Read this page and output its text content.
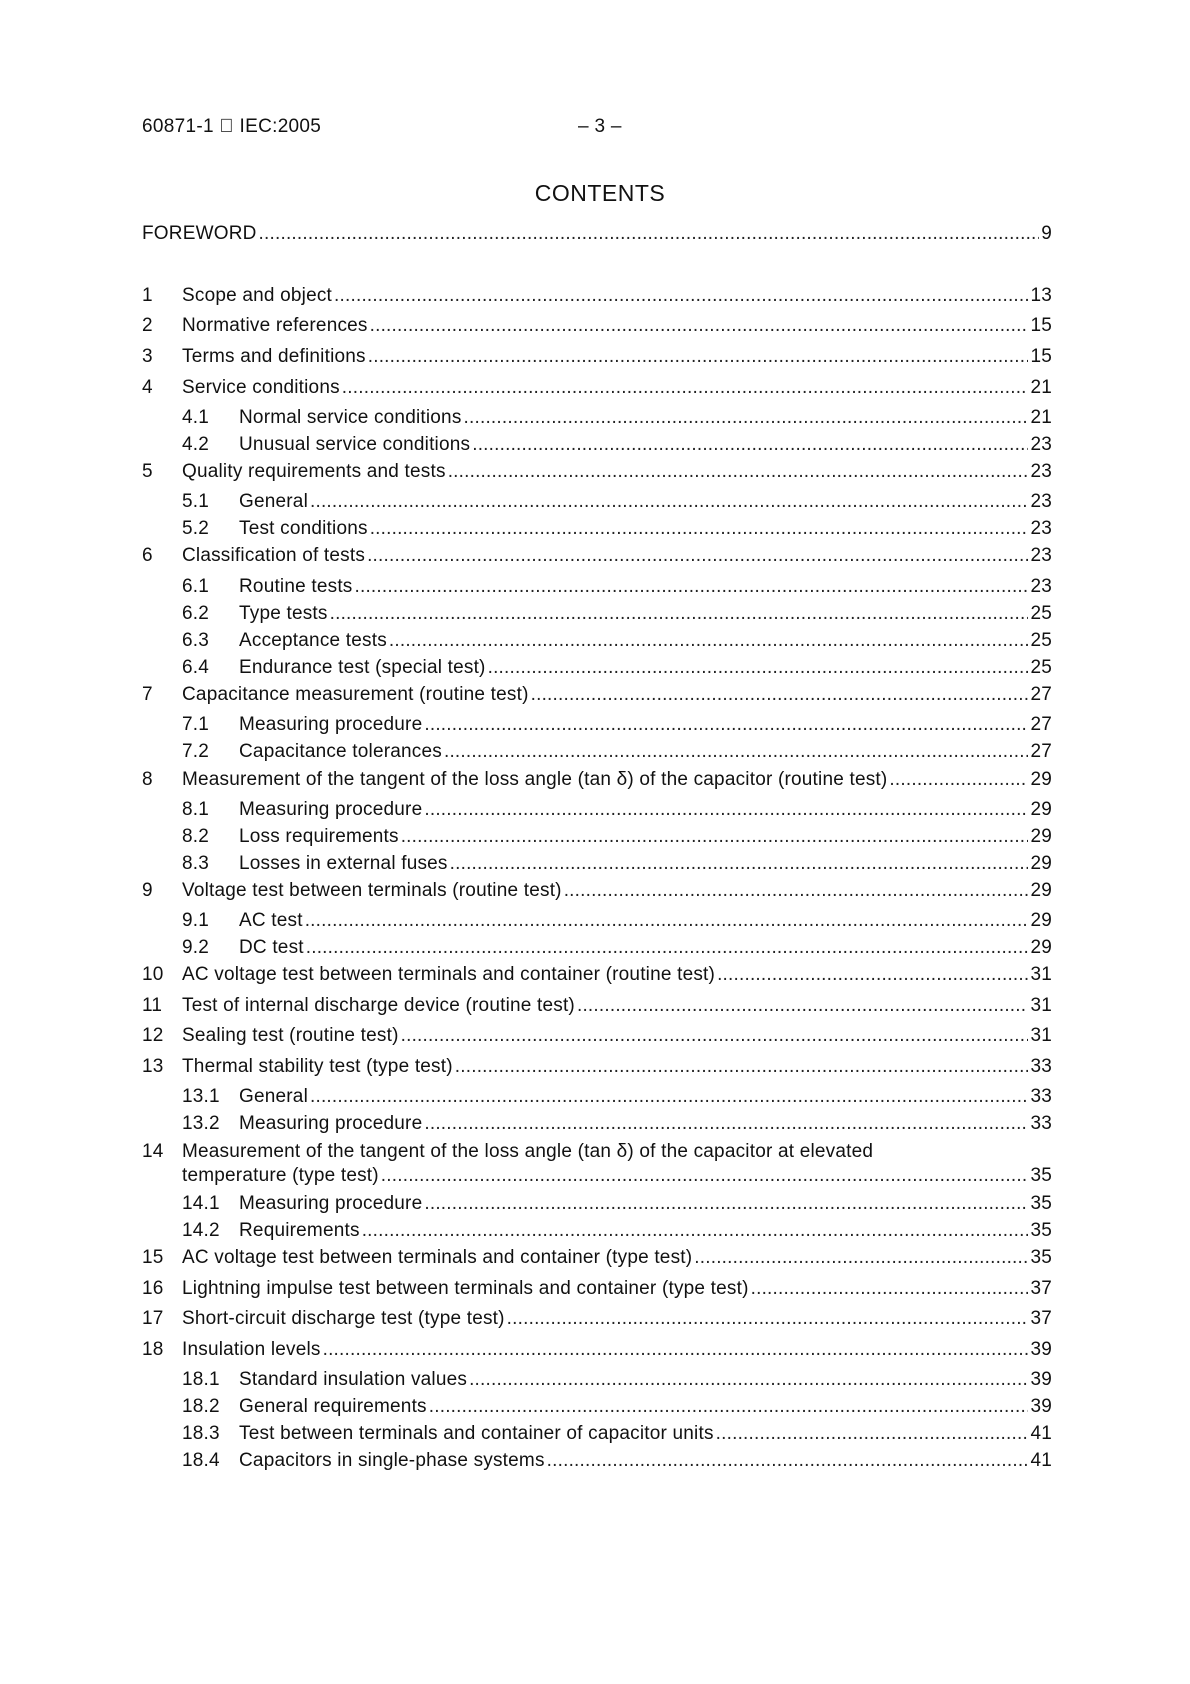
60871-1 IEC:2005	– 3 –
CONTENTS
FOREWORD .....	9
1	Scope and object .....	13
2	Normative references .....	15
3	Terms and definitions .....	15
4	Service conditions .....	21
4.1	Normal service conditions .....	21
4.2	Unusual service conditions .....	23
5	Quality requirements and tests .....	23
5.1	General .....	23
5.2	Test conditions .....	23
6	Classification of tests .....	23
6.1	Routine tests .....	23
6.2	Type tests .....	25
6.3	Acceptance tests .....	25
6.4	Endurance test (special test) .....	25
7	Capacitance measurement (routine test) .....	27
7.1	Measuring procedure .....	27
7.2	Capacitance tolerances .....	27
8	Measurement of the tangent of the loss angle (tan δ) of the capacitor (routine test) .....	29
8.1	Measuring procedure .....	29
8.2	Loss requirements .....	29
8.3	Losses in external fuses .....	29
9	Voltage test between terminals (routine test) .....	29
9.1	AC test .....	29
9.2	DC test .....	29
10 AC voltage test between terminals and container (routine test) .....	31
11	Test of internal discharge device (routine test) .....	31
12 Sealing test (routine test) .....	31
13 Thermal stability test (type test) .....	33
13.1	General .....	33
13.2	Measuring procedure .....	33
14 Measurement of the tangent of the loss angle (tan δ) of the capacitor at elevated
temperature (type test) .....	35
14.1	Measuring procedure .....	35
14.2	Requirements .....	35
15 AC voltage test between terminals and container (type test) .....	35
16 Lightning impulse test between terminals and container (type test) .....	37
17 Short-circuit discharge test (type test) .....	37
18 Insulation levels .....	39
18.1	Standard insulation values .....	39
18.2	General requirements .....	39
18.3	Test between terminals and container of capacitor units .....	41
18.4	Capacitors in single-phase systems .....	41
